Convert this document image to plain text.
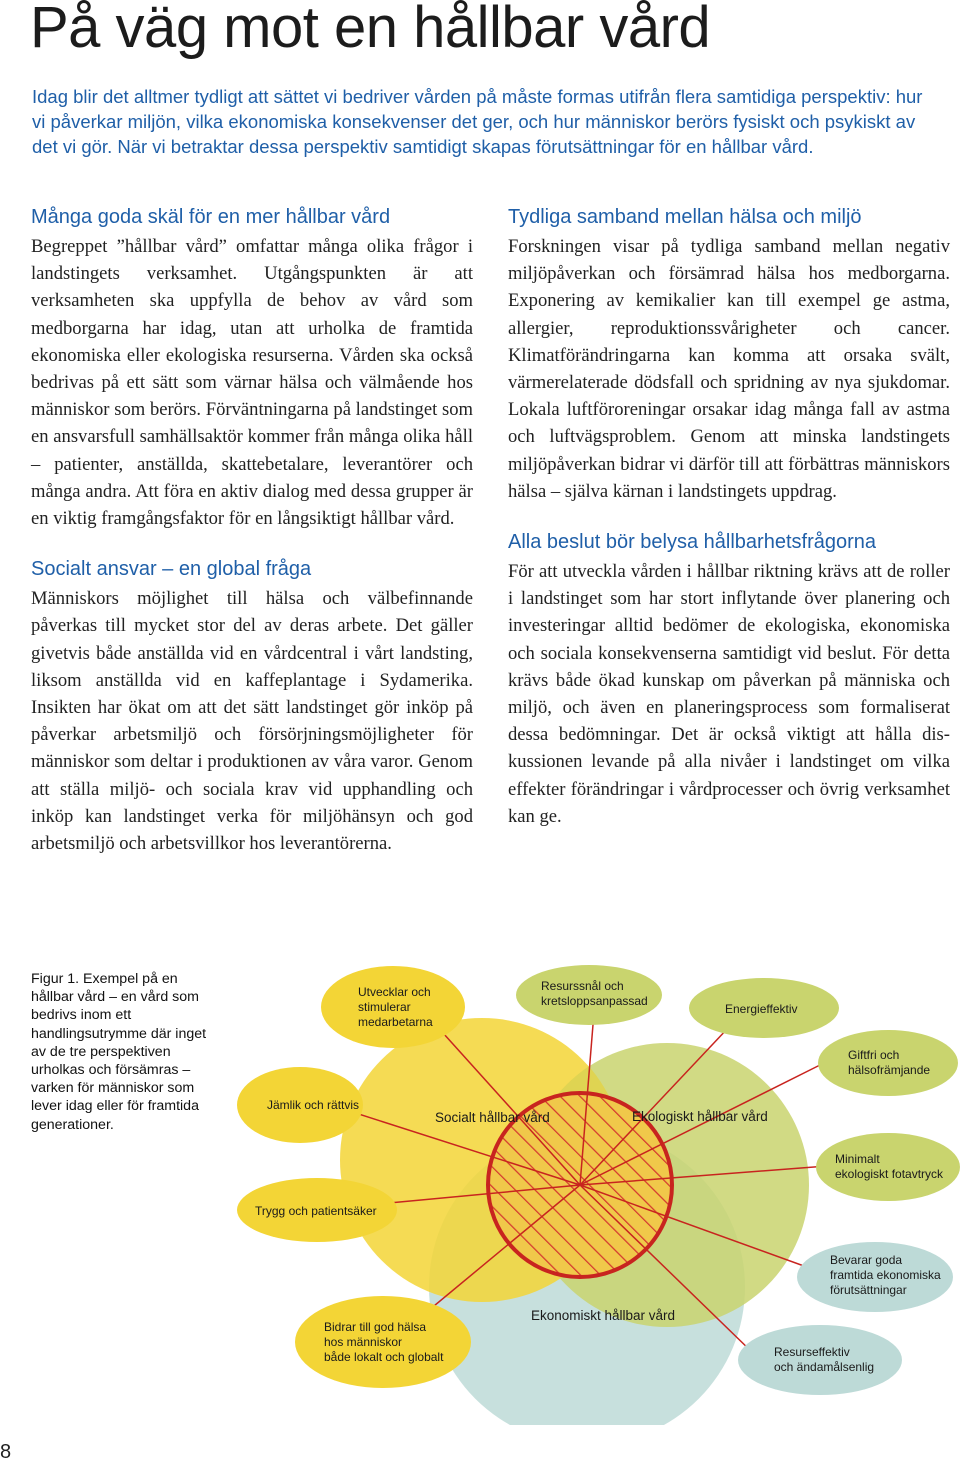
På väg mot en hållbar vård

Idag blir det alltmer tydligt att sättet vi bedriver vården på måste formas utifrån flera samtidiga perspektiv: hur vi påverkar miljön, vilka ekonomiska konsekvenser det ger, och hur människor berörs fysiskt och psykiskt av det vi gör. När vi betraktar dessa perspektiv samtidigt skapas förutsättningar för en hållbar vård.

Många goda skäl för en mer hållbar vård

Begreppet ”hållbar vård” omfattar många olika frågor i landstingets verksamhet. Utgångspunkten är att verksamheten ska uppfylla de behov av vård som medborgarna har idag, utan att urholka de framtida ekonomiska eller ekologiska resurserna. Vården ska också bedrivas på ett sätt som värnar hälsa och välmående hos människor som berörs. Förväntningarna på landstinget som en ansvarsfull samhällsaktör kommer från många olika håll – patienter, anställda, skattebetalare, leverantörer och många andra. Att föra en aktiv dialog med dessa grupper är en viktig framgångsfaktor för en långsiktigt hållbar vård.

Socialt ansvar – en global fråga

Människors möjlighet till hälsa och välbefinnande påverkas till mycket stor del av deras arbete. Det gäller givetvis både anställda vid en vårdcentral i vårt landsting, liksom anställda vid en kaffeplantage i Sydamerika. Insikten har ökat om att det sätt landstinget gör inköp på påverkar arbetsmiljö och försörjningsmöjligheter för människor som deltar i produktionen av våra varor. Genom att ställa miljö- och sociala krav vid upphandling och inköp kan landstinget verka för miljöhänsyn och god arbetsmiljö och arbetsvillkor hos leverantörerna.

Tydliga samband mellan hälsa och miljö

Forskningen visar på tydliga samband mellan negativ miljöpåverkan och försämrad hälsa hos medborgarna. Exponering av kemikalier kan till exempel ge astma, allergier, reproduktionssvårigheter och cancer. Klimatförändringarna kan komma att orsaka svält, värmerelaterade dödsfall och spridning av nya sjukdomar. Lokala luftföroreningar orsakar idag många fall av astma och luftvägsproblem. Genom att minska landstingets miljöpåverkan bidrar vi därför till att förbättras människors hälsa – själva kärnan i landstingets uppdrag.

Alla beslut bör belysa hållbarhetsfrågorna

För att utveckla vården i hållbar riktning krävs att de roller i landstinget som har stort inflytande över planering och investeringar alltid bedömer de ekologiska, ekonomiska och sociala konsekvenserna samtidigt vid beslut. För detta krävs både ökad kunskap om påverkan på människa och miljö, och även en planeringsprocess som formaliserat dessa bedömningar. Det är också viktigt att hålla diskussionen levande på alla nivåer i landstinget om vilka effekter förändringar i vårdprocesser och övrig verksamhet kan ge.

Figur 1. Exempel på en hållbar vård – en vård som bedrivs inom ett handlingsutrymme där inget av de tre perspektiven urholkas och försämras – varken för människor som lever idag eller för framtida generationer.	Socialt hållbar vård	Ekologiskt hållbar vård
Ekonomiskt hållbar vård
Utvecklar och
stimulerar
medarbetarna
Jämlik och rättvis
Trygg och patientsäker
Bidrar till god hälsa
hos människor
både lokalt och globalt
Resurssnål och
kretsloppsanpassad
Energieffektiv
Giftfri och
hälsofrämjande
Minimalt
ekologiskt fotavtryck
Bevarar goda
framtida ekonomiska
förutsättningar
Resurseffektiv
och ändamålsenlig

8
